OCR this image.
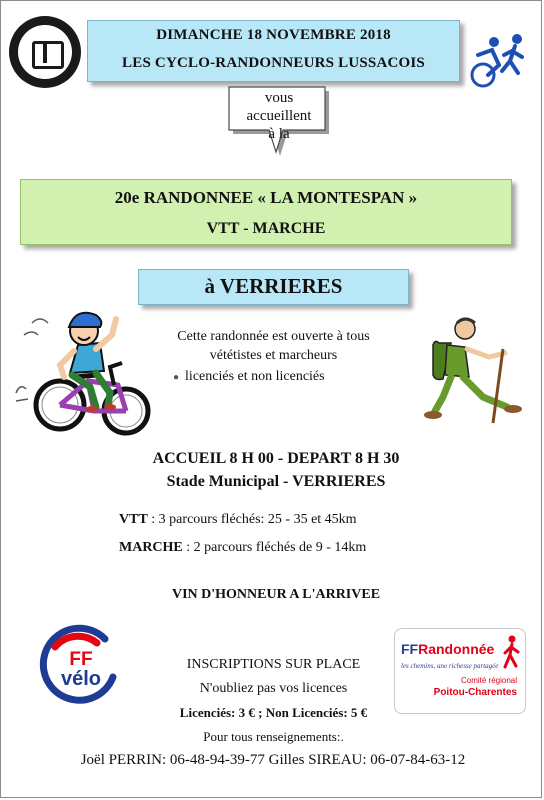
DIMANCHE 18 NOVEMBRE 2018
LES CYCLO-RANDONNEURS LUSSACOIS
vous
accueillent
à la
20e RANDONNEE « LA MONTESPAN »
VTT - MARCHE
à VERRIERES
Cette randonnée est ouverte à tous
vététistes et marcheurs
● licenciés et non licenciés
ACCUEIL 8 H 00 - DEPART 8 H 30
Stade Municipal - VERRIERES
VTT : 3 parcours fléchés: 25 - 35 et 45km
MARCHE : 2 parcours fléchés de 9 - 14km
VIN D'HONNEUR A L'ARRIVEE
FF
vélo
INSCRIPTIONS SUR PLACE
N'oubliez pas vos licences
Licenciés: 3 € ; Non Licenciés: 5 €
Pour tous renseignements:.
Joël PERRIN: 06-48-94-39-77 Gilles SIREAU: 06-07-84-63-12
FFRandonnée
les chemins, une richesse partagée
Comité régional
Poitou-Charentes
